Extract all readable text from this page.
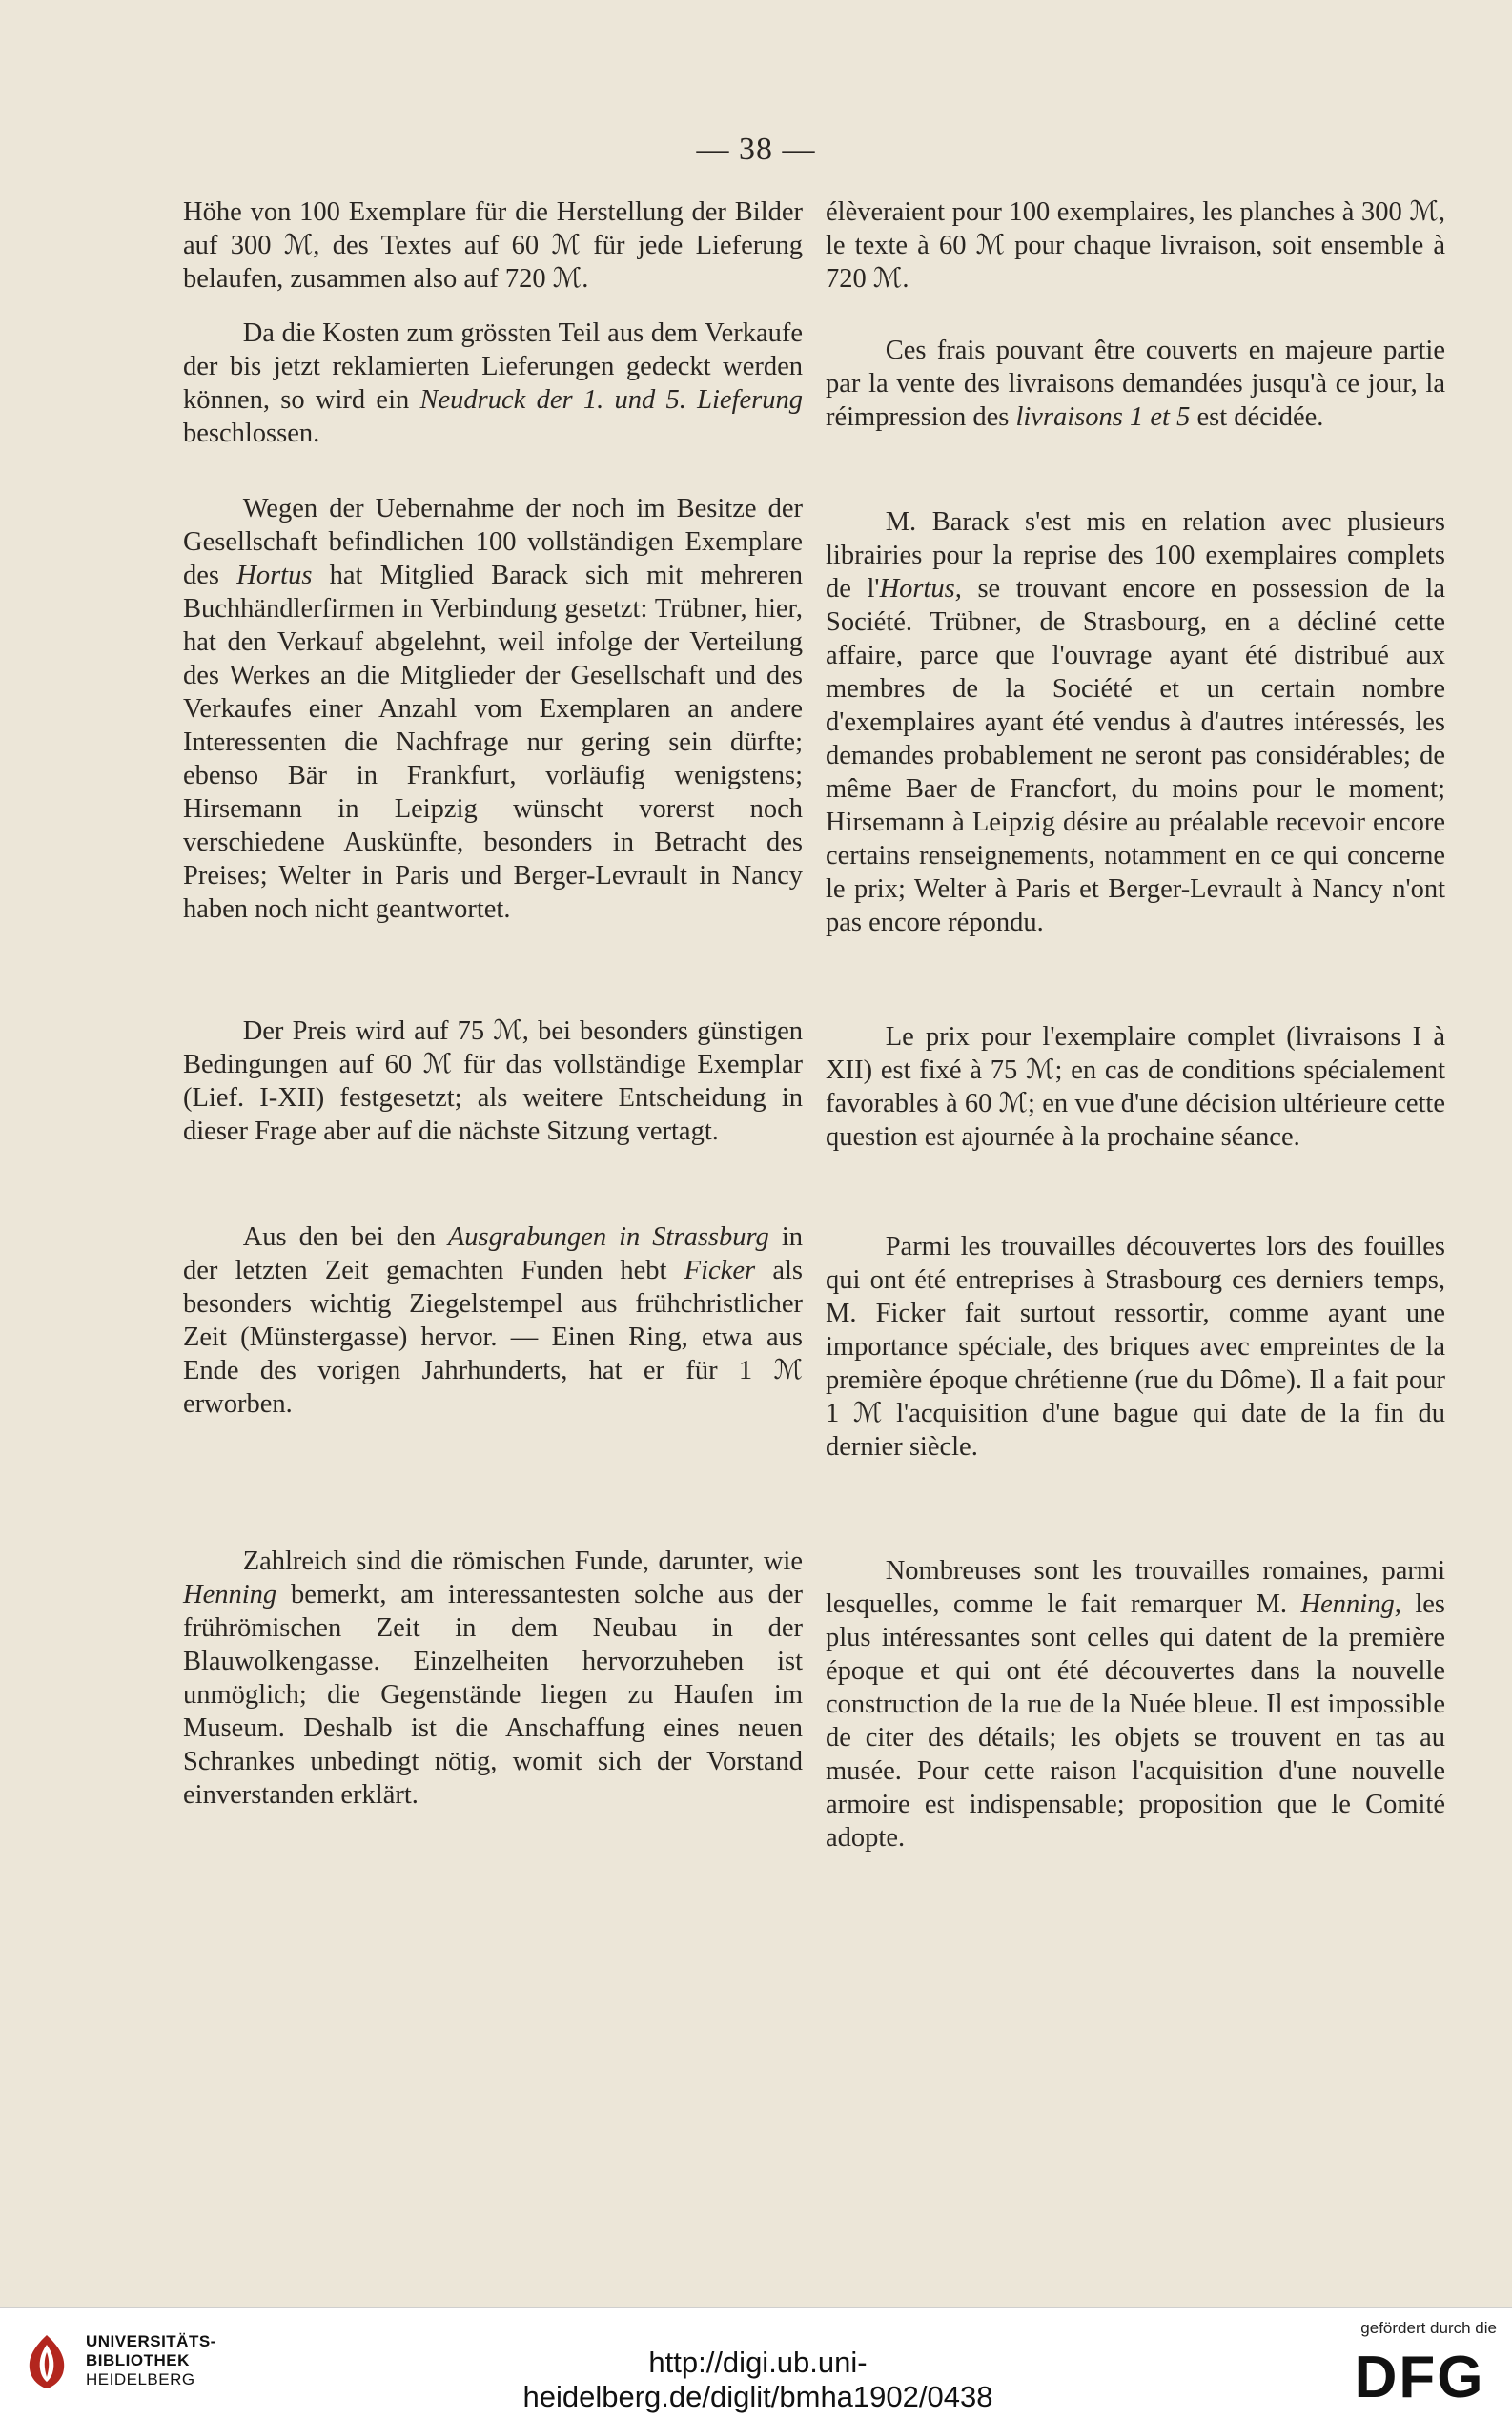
— 38 —

Höhe von 100 Exemplare für die Herstellung der Bilder auf 300 ℳ, des Textes auf 60 ℳ für jede Lieferung belaufen, zusammen also auf 720 ℳ.

Da die Kosten zum grössten Teil aus dem Verkaufe der bis jetzt reklamierten Lieferungen gedeckt werden können, so wird ein Neudruck der 1. und 5. Lieferung beschlossen.

Wegen der Uebernahme der noch im Besitze der Gesellschaft befindlichen 100 vollständigen Exemplare des Hortus hat Mitglied Barack sich mit mehreren Buchhändlerfirmen in Verbindung gesetzt: Trübner, hier, hat den Verkauf abgelehnt, weil infolge der Verteilung des Werkes an die Mitglieder der Gesellschaft und des Verkaufes einer Anzahl vom Exemplaren an andere Interessenten die Nachfrage nur gering sein dürfte; ebenso Bär in Frankfurt, vorläufig wenigstens; Hirsemann in Leipzig wünscht vorerst noch verschiedene Auskünfte, besonders in Betracht des Preises; Welter in Paris und Berger-Levrault in Nancy haben noch nicht geantwortet.

Der Preis wird auf 75 ℳ, bei besonders günstigen Bedingungen auf 60 ℳ für das vollständige Exemplar (Lief. I-XII) festgesetzt; als weitere Entscheidung in dieser Frage aber auf die nächste Sitzung vertagt.

Aus den bei den Ausgrabungen in Strassburg in der letzten Zeit gemachten Funden hebt Ficker als besonders wichtig Ziegelstempel aus frühchristlicher Zeit (Münstergasse) hervor. — Einen Ring, etwa aus Ende des vorigen Jahrhunderts, hat er für 1 ℳ erworben.

Zahlreich sind die römischen Funde, darunter, wie Henning bemerkt, am interessantesten solche aus der frührömischen Zeit in dem Neubau in der Blauwolkengasse. Einzelheiten hervorzuheben ist unmöglich; die Gegenstände liegen zu Haufen im Museum. Deshalb ist die Anschaffung eines neuen Schrankes unbedingt nötig, womit sich der Vorstand einverstanden erklärt.

élèveraient pour 100 exemplaires, les planches à 300 ℳ, le texte à 60 ℳ pour chaque livraison, soit ensemble à 720 ℳ.

Ces frais pouvant être couverts en majeure partie par la vente des livraisons demandées jusqu'à ce jour, la réimpression des livraisons 1 et 5 est décidée.

M. Barack s'est mis en relation avec plusieurs librairies pour la reprise des 100 exemplaires complets de l'Hortus, se trouvant encore en possession de la Société. Trübner, de Strasbourg, en a décliné cette affaire, parce que l'ouvrage ayant été distribué aux membres de la Société et un certain nombre d'exemplaires ayant été vendus à d'autres intéressés, les demandes probablement ne seront pas considérables; de même Baer de Francfort, du moins pour le moment; Hirsemann à Leipzig désire au préalable recevoir encore certains renseignements, notamment en ce qui concerne le prix; Welter à Paris et Berger-Levrault à Nancy n'ont pas encore répondu.

Le prix pour l'exemplaire complet (livraisons I à XII) est fixé à 75 ℳ; en cas de conditions spécialement favorables à 60 ℳ; en vue d'une décision ultérieure cette question est ajournée à la prochaine séance.

Parmi les trouvailles découvertes lors des fouilles qui ont été entreprises à Strasbourg ces derniers temps, M. Ficker fait surtout ressortir, comme ayant une importance spéciale, des briques avec empreintes de la première époque chrétienne (rue du Dôme). Il a fait pour 1 ℳ l'acquisition d'une bague qui date de la fin du dernier siècle.

Nombreuses sont les trouvailles romaines, parmi lesquelles, comme le fait remarquer M. Henning, les plus intéressantes sont celles qui datent de la première époque et qui ont été découvertes dans la nouvelle construction de la rue de la Nuée bleue. Il est impossible de citer des détails; les objets se trouvent en tas au musée. Pour cette raison l'acquisition d'une nouvelle armoire est indispensable; proposition que le Comité adopte.

UNIVERSITÄTS-
BIBLIOTHEK
HEIDELBERG
http://digi.ub.uni-heidelberg.de/diglit/bmha1902/0438
gefördert durch die
DFG
